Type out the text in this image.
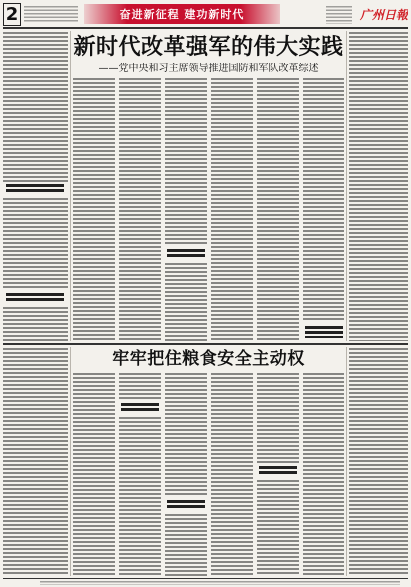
2	奋进新征程 建功新时代	广州日報
新时代改革强军的伟大实践
——党中央和习主席领导推进国防和军队改革综述
牢牢把住粮食安全主动权
